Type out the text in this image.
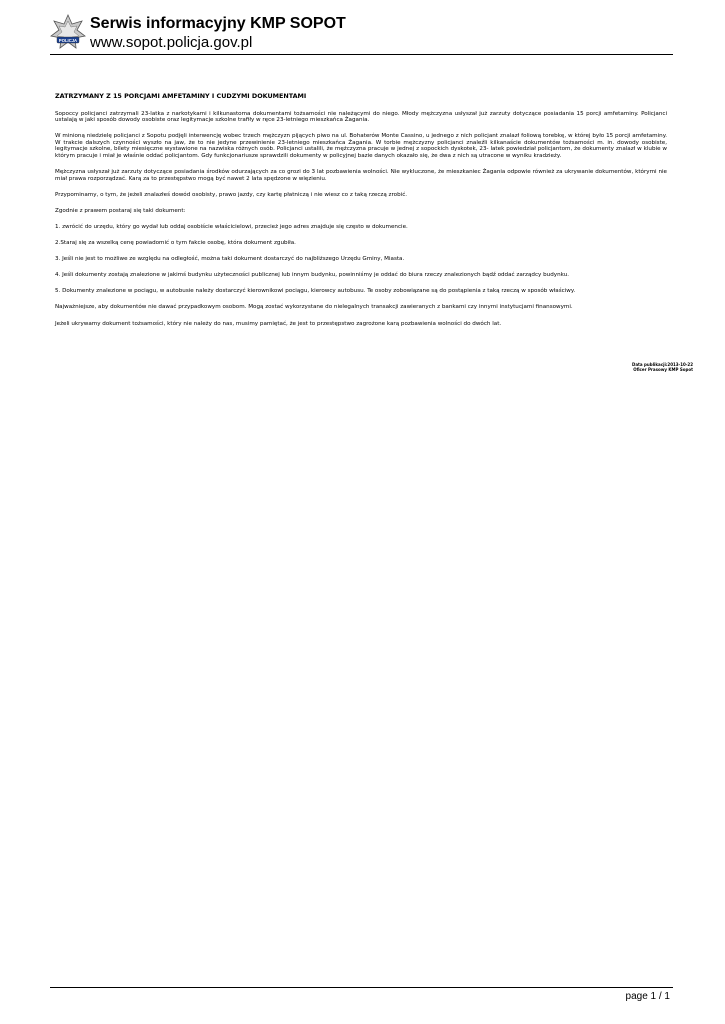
POLICJA
Serwis informacyjny KMP SOPOT
www.sopot.policja.gov.pl
ZATRZYMANY Z 15 PORCJAMI AMFETAMINY I CUDZYMI DOKUMENTAMI

Sopoccy policjanci zatrzymali 23-latka z narkotykami i kilkunastoma dokumentami tożsamości nie należącymi do niego. Młody mężczyzna usłyszał już zarzuty dotyczące posiadania 15 porcji amfetaminy. Policjanci ustalają w jaki sposób dowody osobiste oraz legitymacje szkolne trafiły w ręce 23-letniego mieszkańca Żagania.

W minioną niedzielę policjanci z Sopotu podjęli interwencję wobec trzech mężczyzn pijących piwo na ul. Bohaterów Monte Cassino, u jednego z nich policjant znalazł foliową torebkę, w której było 15 porcji amfetaminy. W trakcie dalszych czynności wyszło na jaw, że to nie jedyne przewinienie 23-letniego mieszkańca Żagania. W torbie mężczyzny policjanci znaleźli kilkanaście dokumentów tożsamości m. in. dowody osobiste, legitymacje szkolne, bilety miesięczne wystawione na nazwiska różnych osób. Policjanci ustalili, że mężczyzna pracuje w jednej z sopockich dyskotek, 23- latek powiedział policjantom, że dokumenty znalazł w klubie w którym pracuje i miał je właśnie oddać policjantom. Gdy funkcjonariusze sprawdzili dokumenty w policyjnej bazie danych okazało się, że dwa z nich są utracone w wyniku kradzieży.

Mężczyzna usłyszał już zarzuty dotyczące posiadania środków odurzających za co grozi do 3 lat pozbawienia wolności. Nie wykluczone, że mieszkaniec Żagania odpowie również za ukrywanie dokumentów, którymi nie miał prawa rozporządzać. Karą za to przestępstwo mogą być nawet 2 lata spędzone w więzieniu.

Przypominamy, o tym, że jeżeli znalazłeś dowód osobisty, prawo jazdy, czy kartę płatniczą i nie wiesz co z taką rzeczą zrobić.

Zgodnie z prawem postaraj się taki dokument:

1. zwrócić do urzędu, który go wydał lub oddaj osobiście właścicielowi, przecież jego adres znajduje się często w dokumencie.

2.Staraj się za wszelką cenę powiadomić o tym fakcie osobę, która dokument zgubiła.

3. Jeśli nie jest to możliwe ze względu na odległość, można taki dokument dostarczyć do najbliższego Urzędu Gminy, Miasta.

4. Jeśli dokumenty zostają znalezione w jakimś budynku użyteczności publicznej lub innym budynku, powinniśmy je oddać do biura rzeczy znalezionych bądź oddać zarządcy budynku.

5. Dokumenty znalezione w pociągu, w autobusie należy dostarczyć kierownikowi pociągu, kierowcy autobusu. Te osoby zobowiązane są do postąpienia z taką rzeczą w sposób właściwy.

Najważniejsze, aby dokumentów nie dawać przypadkowym osobom. Mogą zostać wykorzystane do nielegalnych transakcji zawieranych z bankami czy innymi instytucjami finansowymi.

Jeżeli ukrywamy dokument tożsamości, który nie należy do nas, musimy pamiętać, że jest to przestępstwo zagrożone karą pozbawienia wolności do dwóch lat.

Data publikacji:2013-10-22
Oficer Prasowy KMP Sopot
page 1 / 1
